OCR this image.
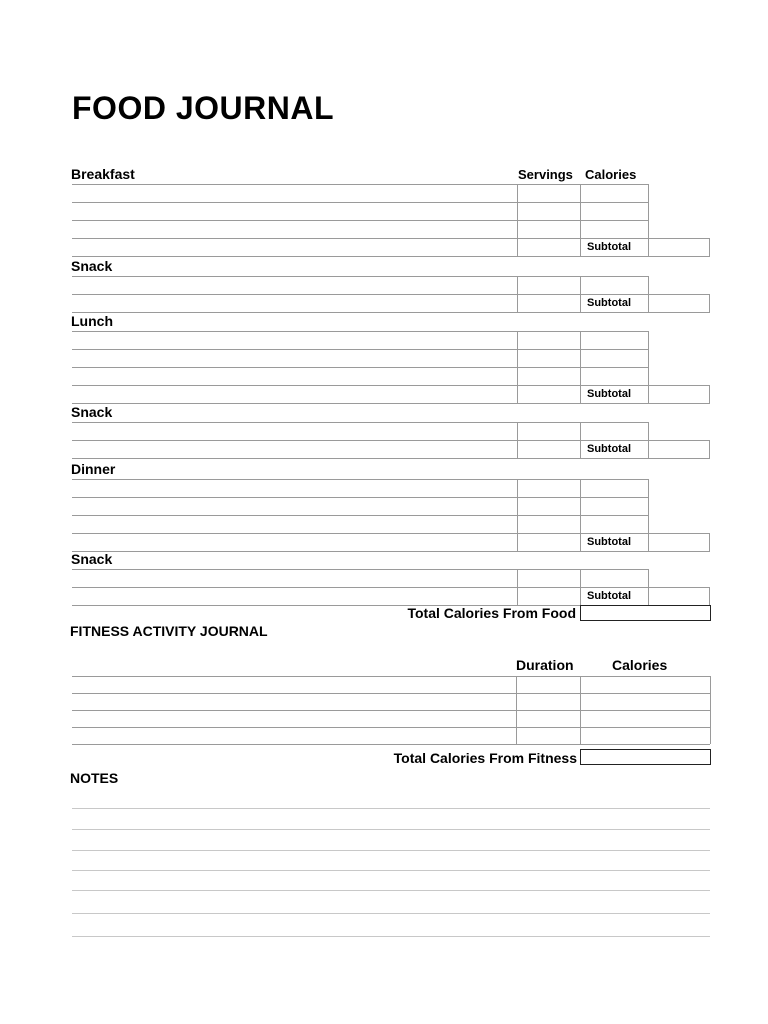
FOOD JOURNAL
Servings Calories
Breakfast
Subtotal
Snack
Subtotal
Lunch
Subtotal
Snack
Subtotal
Dinner
Subtotal
Snack
Subtotal
Total Calories From Food
FITNESS ACTIVITY JOURNAL
Duration	Calories
Total Calories From Fitness
NOTES
